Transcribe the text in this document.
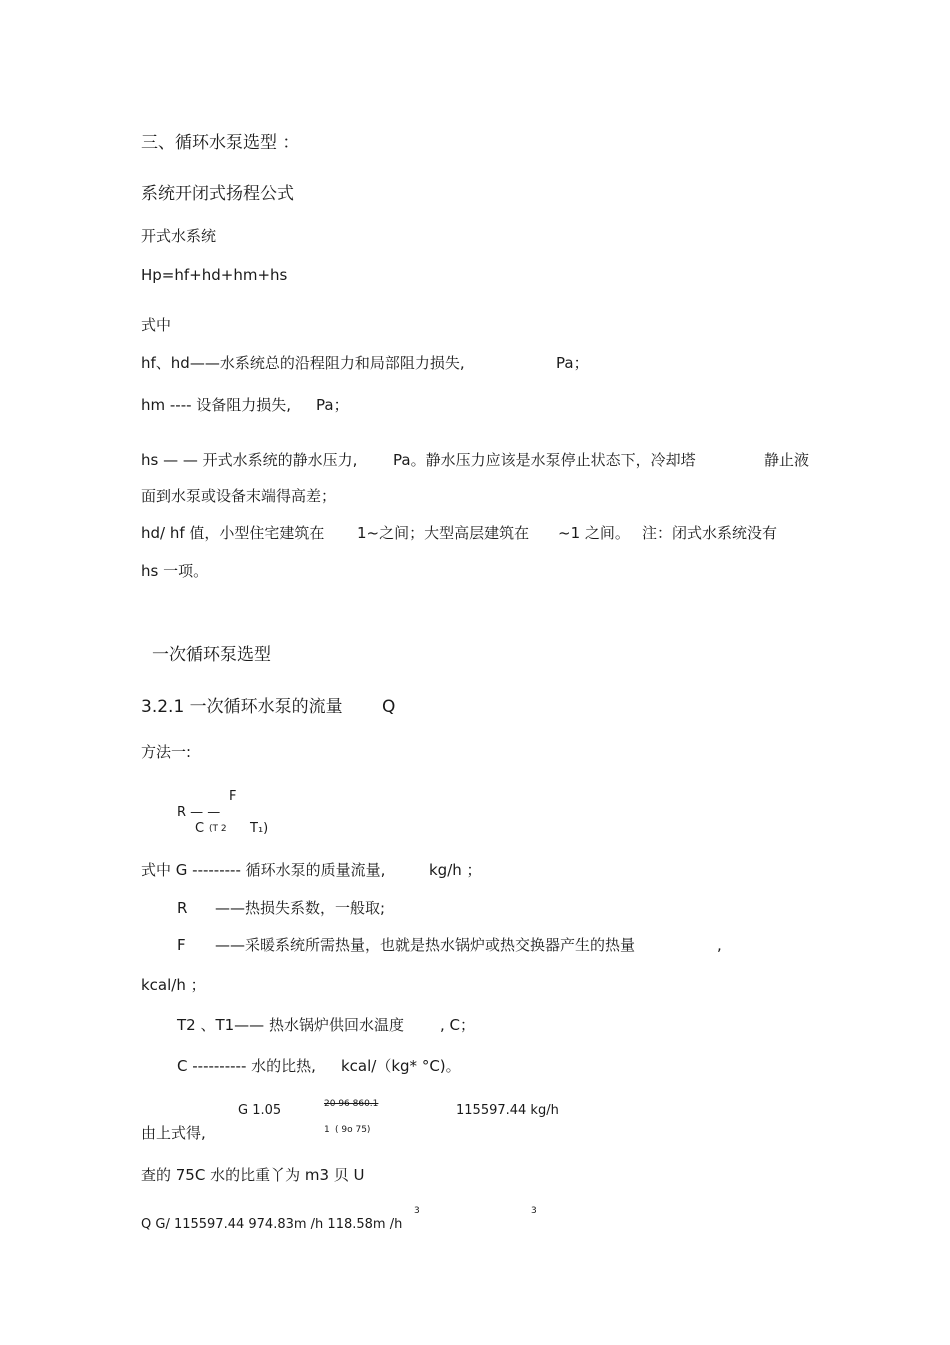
三、循环水泵选型 ：
系统开闭式扬程公式
开式水系统
Hp=hf+hd+hm+hs
式中
hf、hd——水系统总的沿程阻力和局部阻力损失,	Pa；
hm ---- 设备阻力损失, Pa；
hs — — 开式水系统的静水压力, Pa。静水压力应该是水泵停止状态下，冷却塔	静止液
面到水泵或设备末端得高差；
hd/ hf 值，小型住宅建筑在 1~之间；大型高层建筑在 ~1 之间。 注：闭式水系统没有
hs 一项。
一次循环泵选型
3.2.1 一次循环水泵的流量 Q
方法一:
F
R — —
C (T 2 T₁)
式中 G --------- 循环水泵的质量流量,	kg/h ；
R ——热损失系数，一般取;
F ——采暖系统所需热量，也就是热水锅炉或热交换器产生的热量	,
kcal/h ；
T2 、T1—— 热水锅炉供回水温度 , C；
C ---------- 水的比热, kcal/（kg* °C)。
G 1.05	20 96 860.1	115597.44 kg/h
由上式得,	1 ( 9o 75)
查的 75C 水的比重丫为 m3 贝 U
3	3
Q G/ 115597.44 974.83m /h 118.58m /h
